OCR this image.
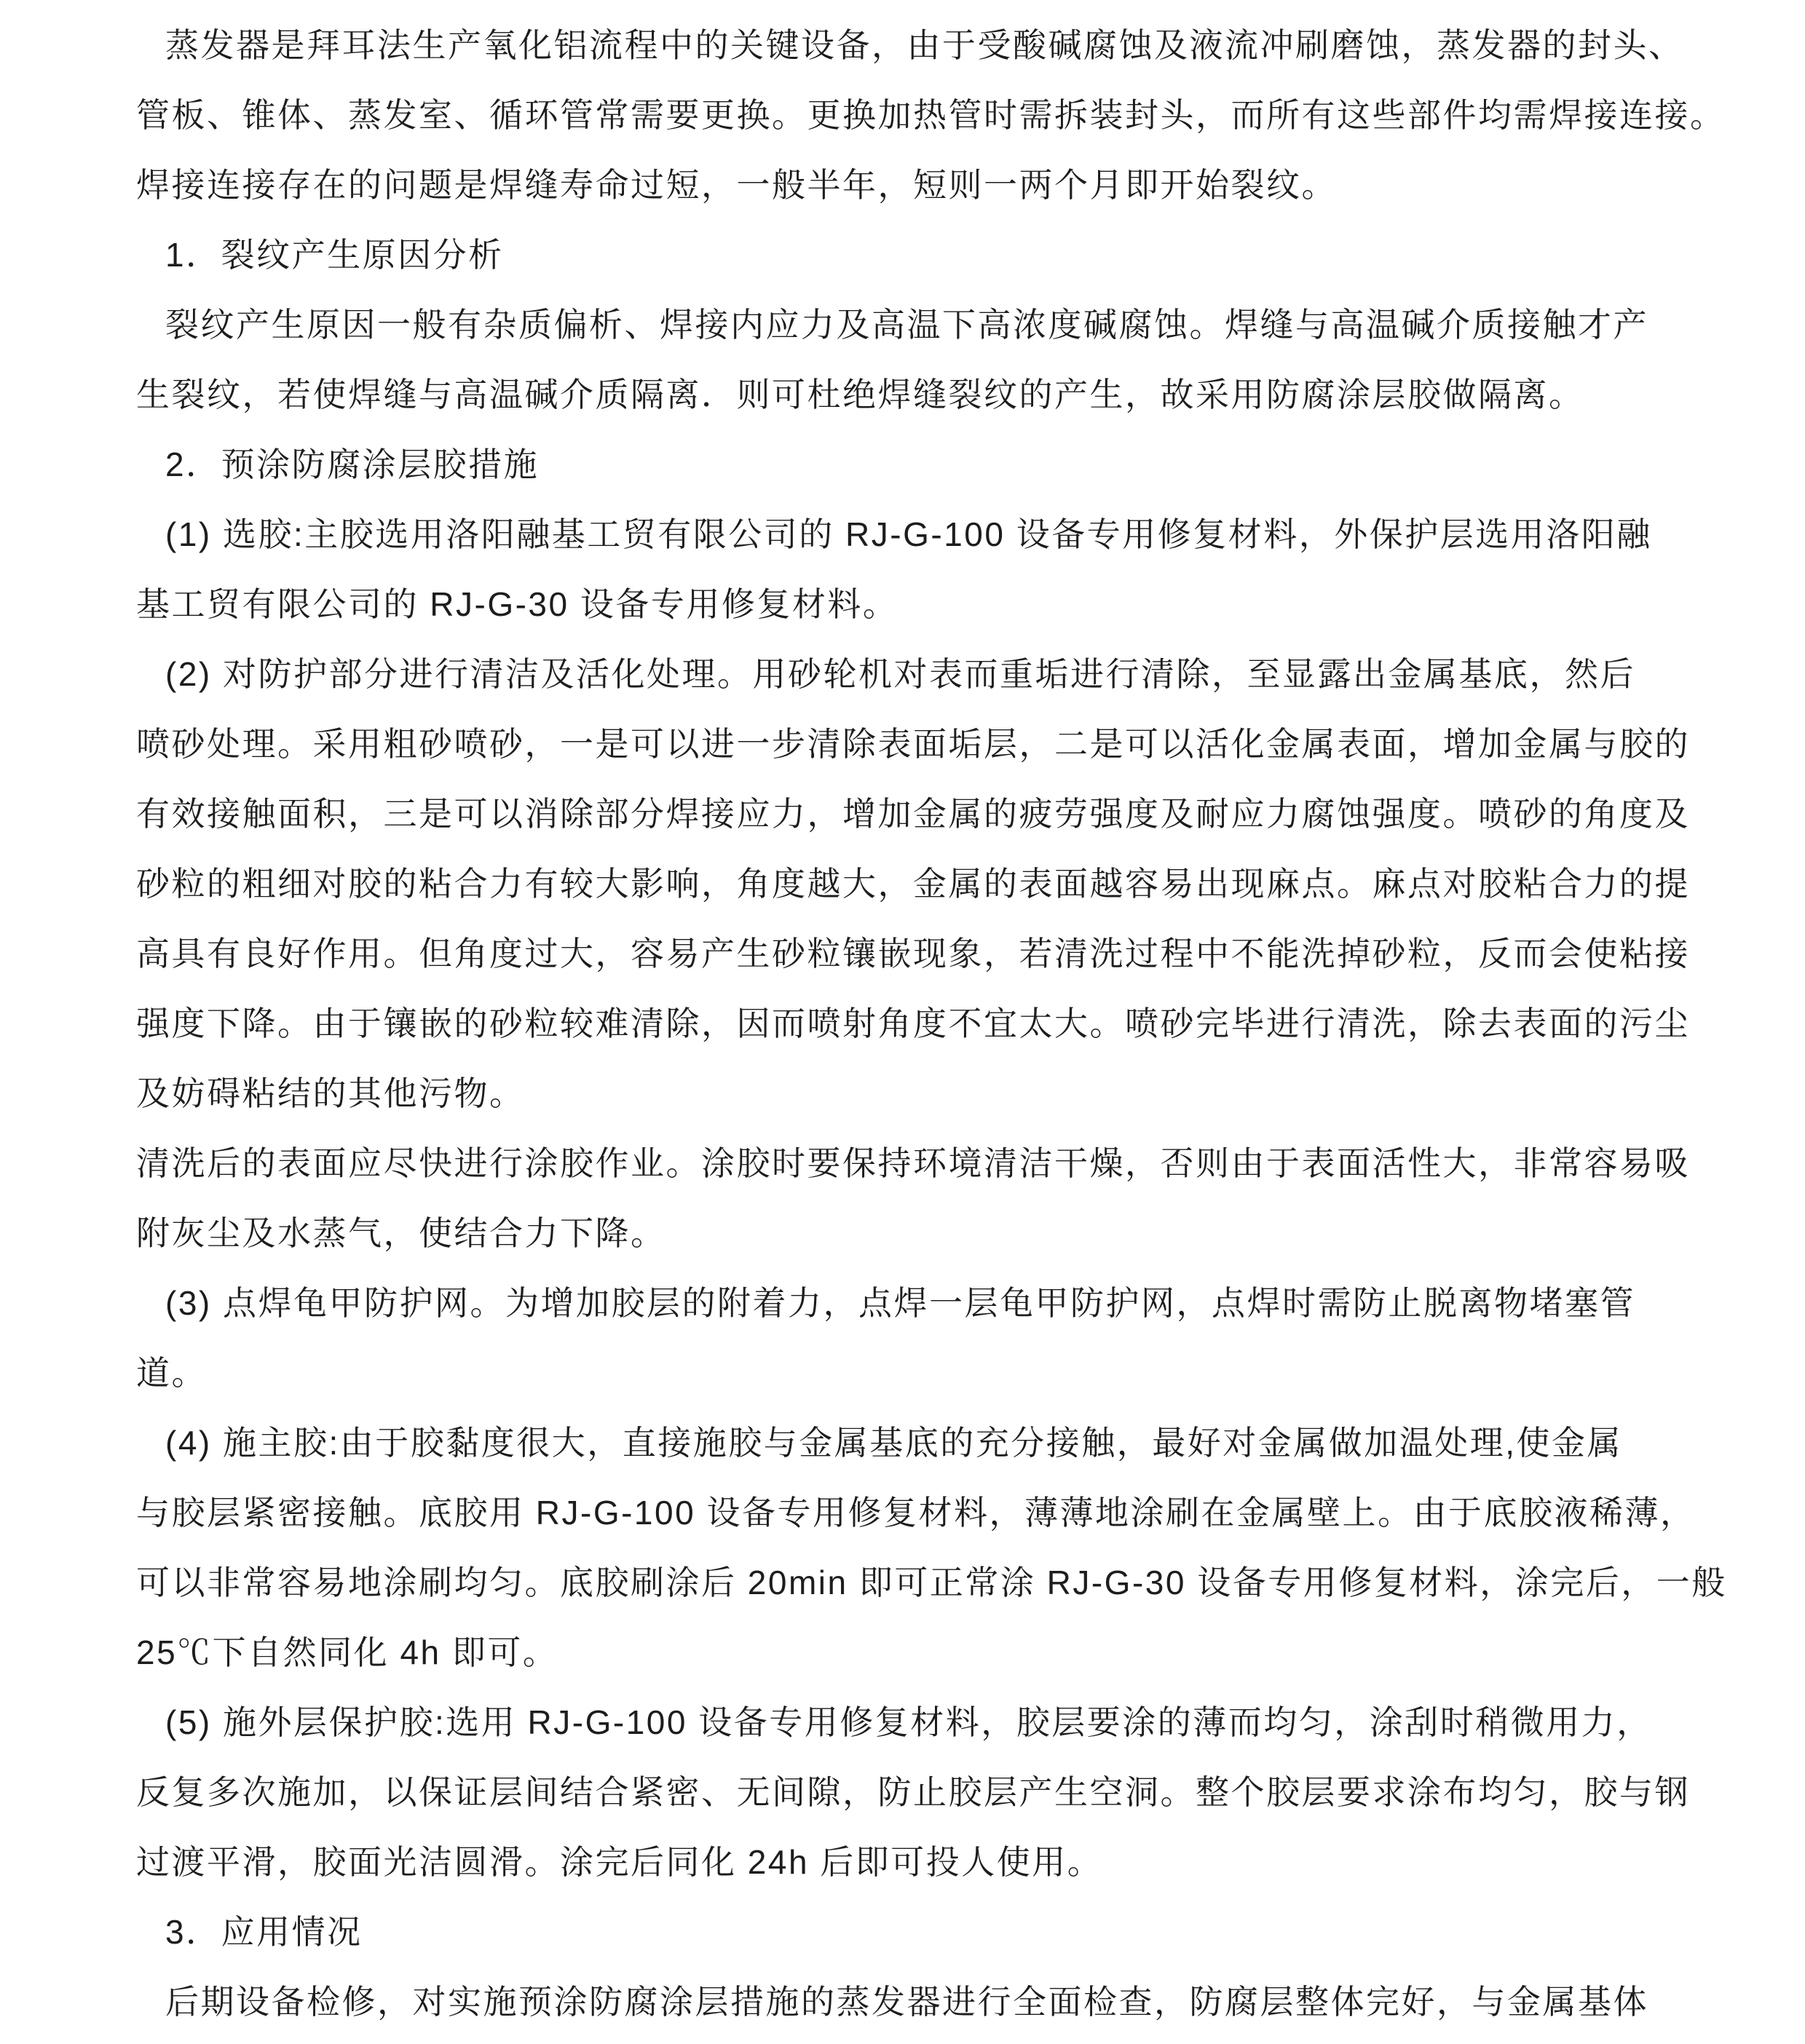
蒸发器是拜耳法生产氧化铝流程中的关键设备，由于受酸碱腐蚀及液流冲刷磨蚀，蒸发器的封头、
管板、锥体、蒸发室、循环管常需要更换。更换加热管时需拆装封头，而所有这些部件均需焊接连接。
焊接连接存在的问题是焊缝寿命过短，一般半年，短则一两个月即开始裂纹。
1．裂纹产生原因分析
裂纹产生原因一般有杂质偏析、焊接内应力及高温下高浓度碱腐蚀。焊缝与高温碱介质接触才产
生裂纹，若使焊缝与高温碱介质隔离．则可杜绝焊缝裂纹的产生，故采用防腐涂层胶做隔离。
2．预涂防腐涂层胶措施
(1) 选胶:主胶选用洛阳融基工贸有限公司的 RJ-G-100 设备专用修复材料，外保护层选用洛阳融
基工贸有限公司的 RJ-G-30 设备专用修复材料。
(2) 对防护部分进行清洁及活化处理。用砂轮机对表而重垢进行清除，至显露出金属基底，然后
喷砂处理。采用粗砂喷砂，一是可以进一步清除表面垢层，二是可以活化金属表面，增加金属与胶的
有效接触面积，三是可以消除部分焊接应力，增加金属的疲劳强度及耐应力腐蚀强度。喷砂的角度及
砂粒的粗细对胶的粘合力有较大影响，角度越大，金属的表面越容易出现麻点。麻点对胶粘合力的提
高具有良好作用。但角度过大，容易产生砂粒镶嵌现象，若清洗过程中不能洗掉砂粒，反而会使粘接
强度下降。由于镶嵌的砂粒较难清除，因而喷射角度不宜太大。喷砂完毕进行清洗，除去表面的污尘
及妨碍粘结的其他污物。
清洗后的表面应尽快进行涂胶作业。涂胶时要保持环境清洁干燥，否则由于表面活性大，非常容易吸
附灰尘及水蒸气，使结合力下降。
(3) 点焊龟甲防护网。为增加胶层的附着力，点焊一层龟甲防护网，点焊时需防止脱离物堵塞管
道。
(4) 施主胶:由于胶黏度很大，直接施胶与金属基底的充分接触，最好对金属做加温处理,使金属
与胶层紧密接触。底胶用 RJ-G-100 设备专用修复材料，薄薄地涂刷在金属壁上。由于底胶液稀薄，
可以非常容易地涂刷均匀。底胶刷涂后 20min 即可正常涂 RJ-G-30 设备专用修复材料，涂完后，一般
25℃下自然同化 4h 即可。
(5) 施外层保护胶:选用 RJ-G-100 设备专用修复材料，胶层要涂的薄而均匀，涂刮时稍微用力，
反复多次施加，以保证层间结合紧密、无间隙，防止胶层产生空洞。整个胶层要求涂布均匀，胶与钢
过渡平滑，胶面光洁圆滑。涂完后同化 24h 后即可投人使用。
3．应用情况
后期设备检修，对实施预涂防腐涂层措施的蒸发器进行全面检查，防腐层整体完好，与金属基体
